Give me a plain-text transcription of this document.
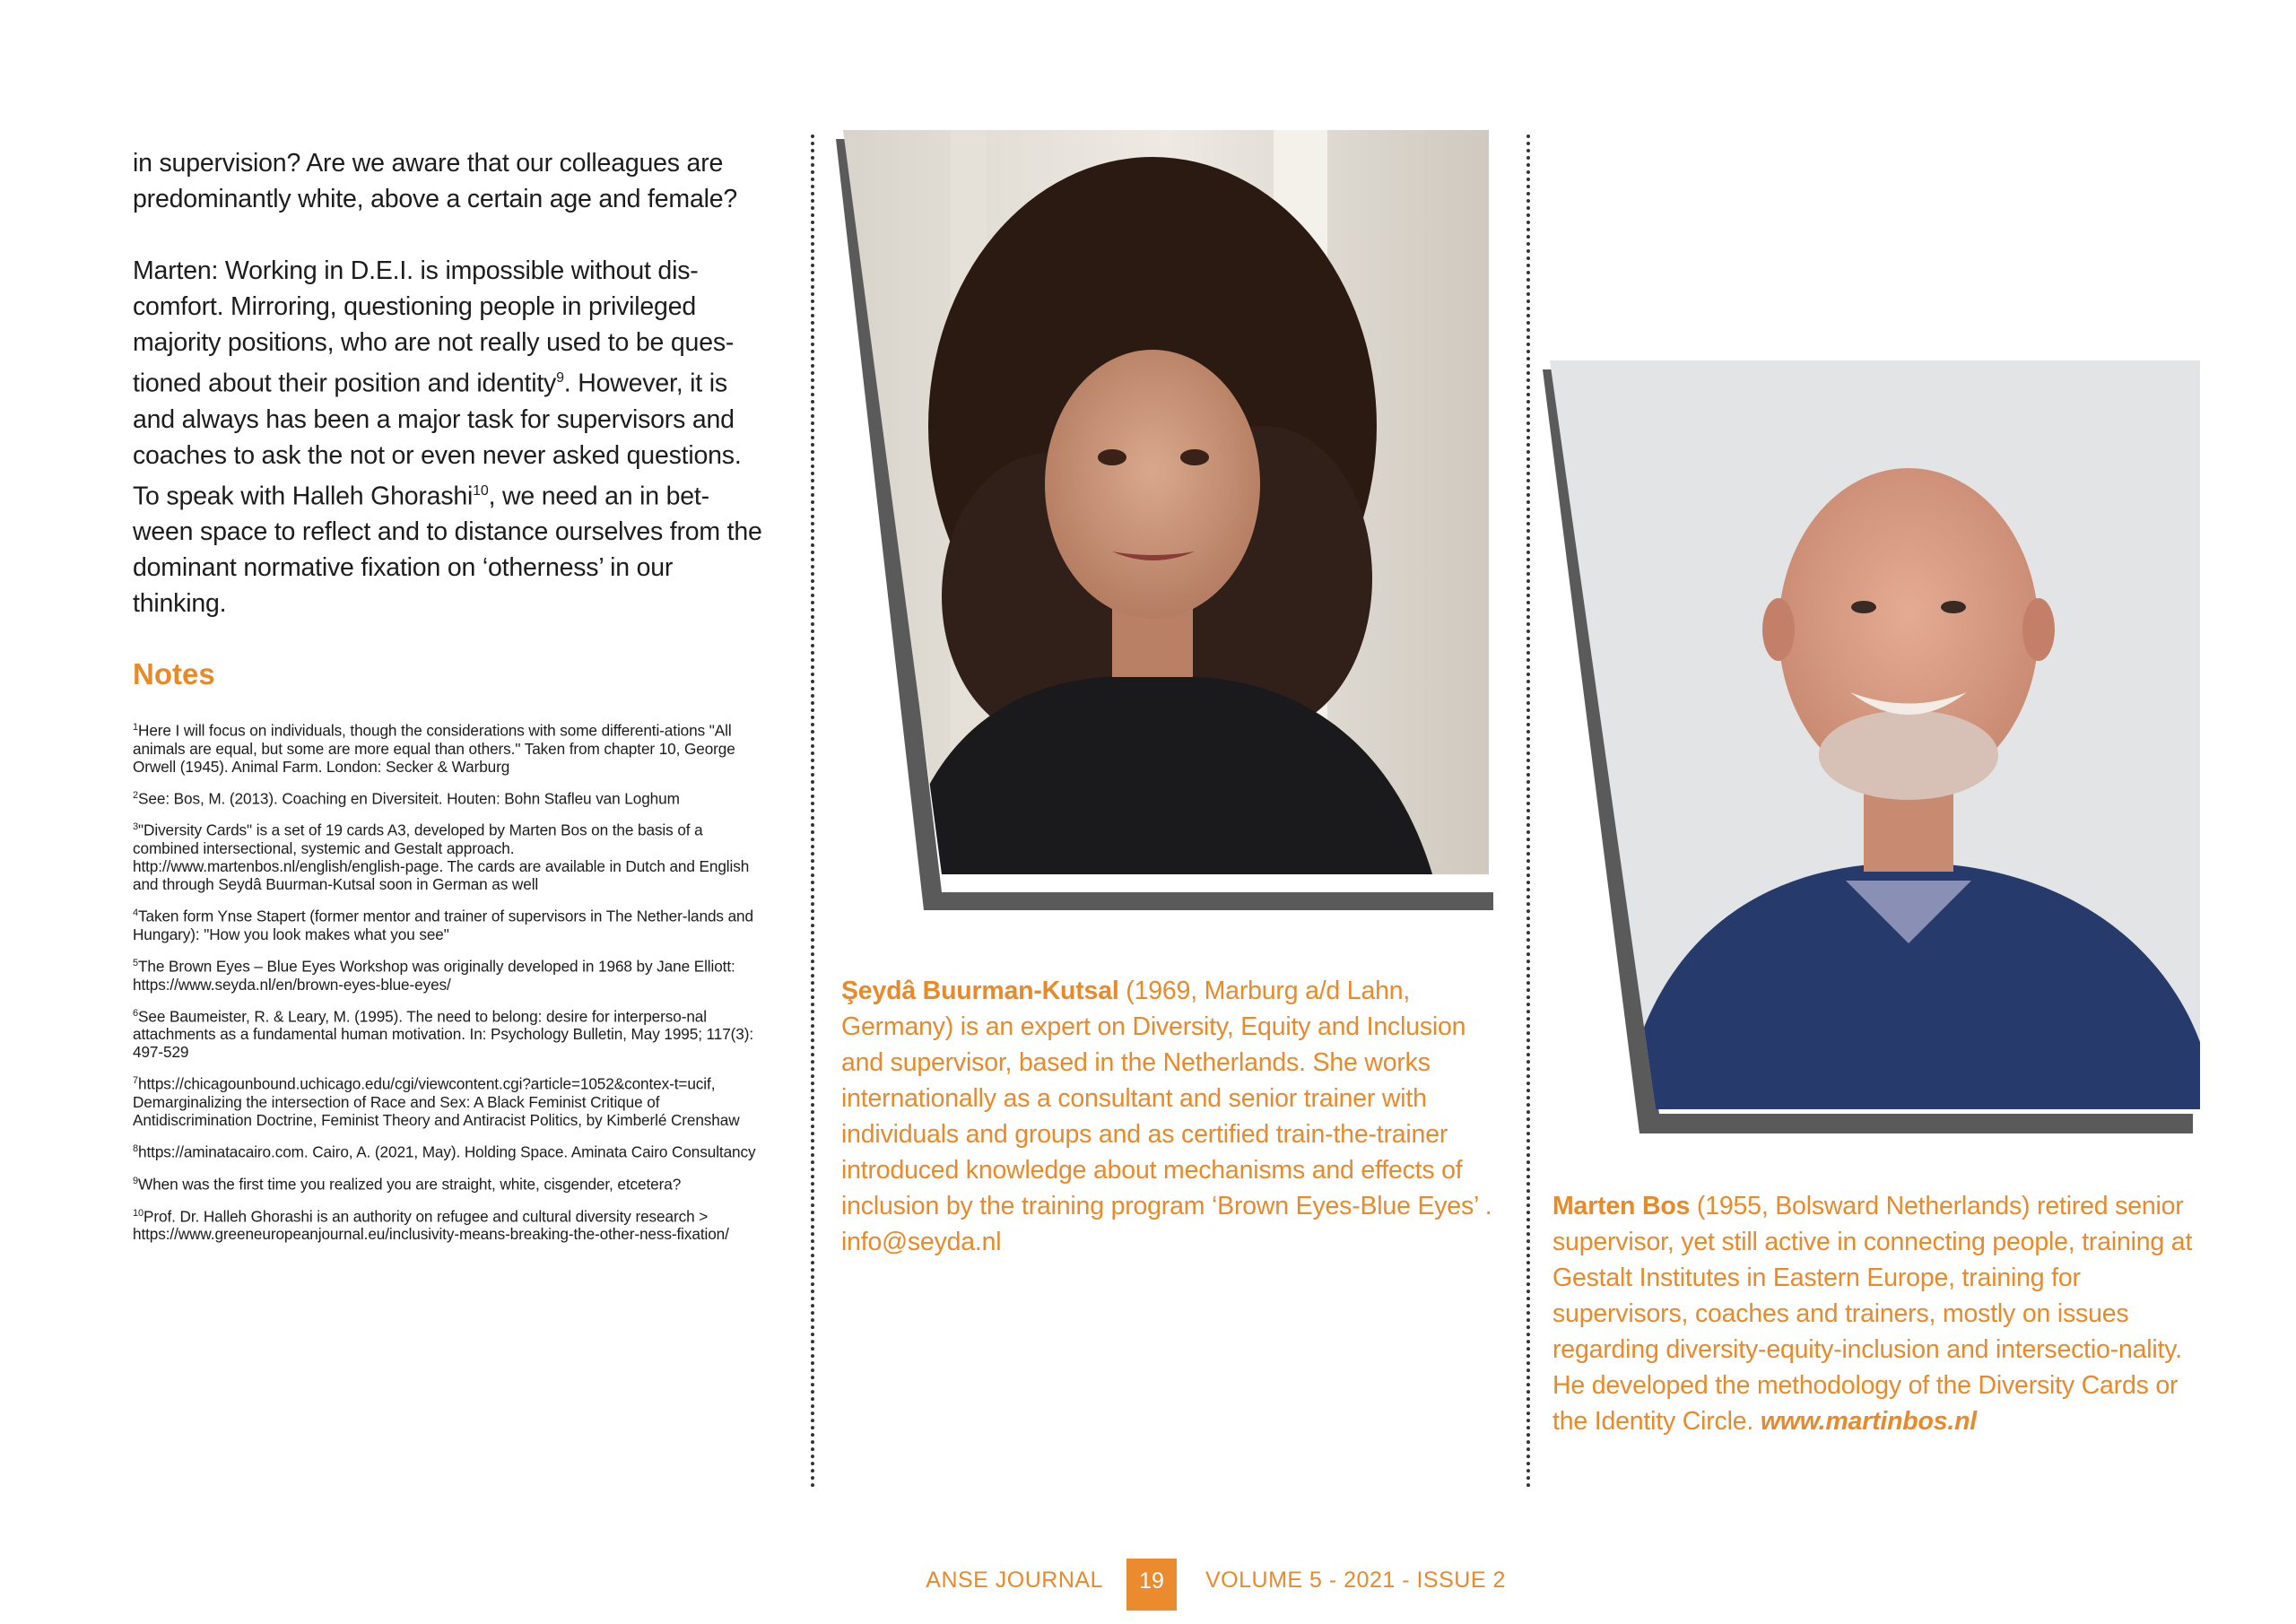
in supervision? Are we aware that our colleagues are predominantly white, above a certain age and female?

Marten: Working in D.E.I. is impossible without dis-comfort. Mirroring, questioning people in privileged majority positions, who are not really used to be ques-tioned about their position and identity$^9$. However, it is and always has been a major task for supervisors and coaches to ask the not or even never asked questions. To speak with Halleh Ghorashi$^{10}$, we need an in bet-ween space to reflect and to distance ourselves from the dominant normative fixation on ‘otherness’ in our thinking.

Notes

$^1$Here I will focus on individuals, though the considerations with some differenti-ations "All animals are equal, but some are more equal than others." Taken from chapter 10, George Orwell (1945). Animal Farm. London: Secker & Warburg

$^2$See: Bos, M. (2013). Coaching en Diversiteit. Houten: Bohn Stafleu van Loghum

$^3$"Diversity Cards" is a set of 19 cards A3, developed by Marten Bos on the basis of a combined intersectional, systemic and Gestalt approach. http://www.martenbos.nl/english/english-page. The cards are available in Dutch and English and through Seydâ Buurman-Kutsal soon in German as well

$^4$Taken form Ynse Stapert (former mentor and trainer of supervisors in The Nether-lands and Hungary): "How you look makes what you see"

$^5$The Brown Eyes – Blue Eyes Workshop was originally developed in 1968 by Jane Elliott: https://www.seyda.nl/en/brown-eyes-blue-eyes/

$^6$See Baumeister, R. & Leary, M. (1995). The need to belong: desire for interperso-nal attachments as a fundamental human motivation. In: Psychology Bulletin, May 1995; 117(3): 497-529

$^7$https://chicagounbound.uchicago.edu/cgi/viewcontent.cgi?article=1052&contex-t=ucif, Demarginalizing the intersection of Race and Sex: A Black Feminist Critique of Antidiscrimination Doctrine, Feminist Theory and Antiracist Politics, by Kimberlé Crenshaw

$^8$https://aminatacairo.com. Cairo, A. (2021, May). Holding Space. Aminata Cairo Consultancy

$^9$When was the first time you realized you are straight, white, cisgender, etcetera?

$^{10}$Prof. Dr. Halleh Ghorashi is an authority on refugee and cultural diversity research > https://www.greeneuropeanjournal.eu/inclusivity-means-breaking-the-other-ness-fixation/

Şeydâ Buurman-Kutsal (1969, Marburg a/d Lahn, Germany) is an expert on Diversity, Equity and Inclusion and supervisor, based in the Netherlands. She works internationally as a consultant and senior trainer with individuals and groups and as certified train-the-trainer introduced knowledge about mechanisms and effects of inclusion by the training program ‘Brown Eyes-Blue Eyes’ . info@seyda.nl
Marten Bos (1955, Bolsward Netherlands) retired senior supervisor, yet still active in connecting people, training at Gestalt Institutes in Eastern Europe, training for supervisors, coaches and trainers, mostly on issues regarding diversity-equity-inclusion and intersectio-nality. He developed the methodology of the Diversity Cards or the Identity Circle. www.martinbos.nl
ANSE JOURNAL	19	VOLUME 5 - 2021 - ISSUE 2
